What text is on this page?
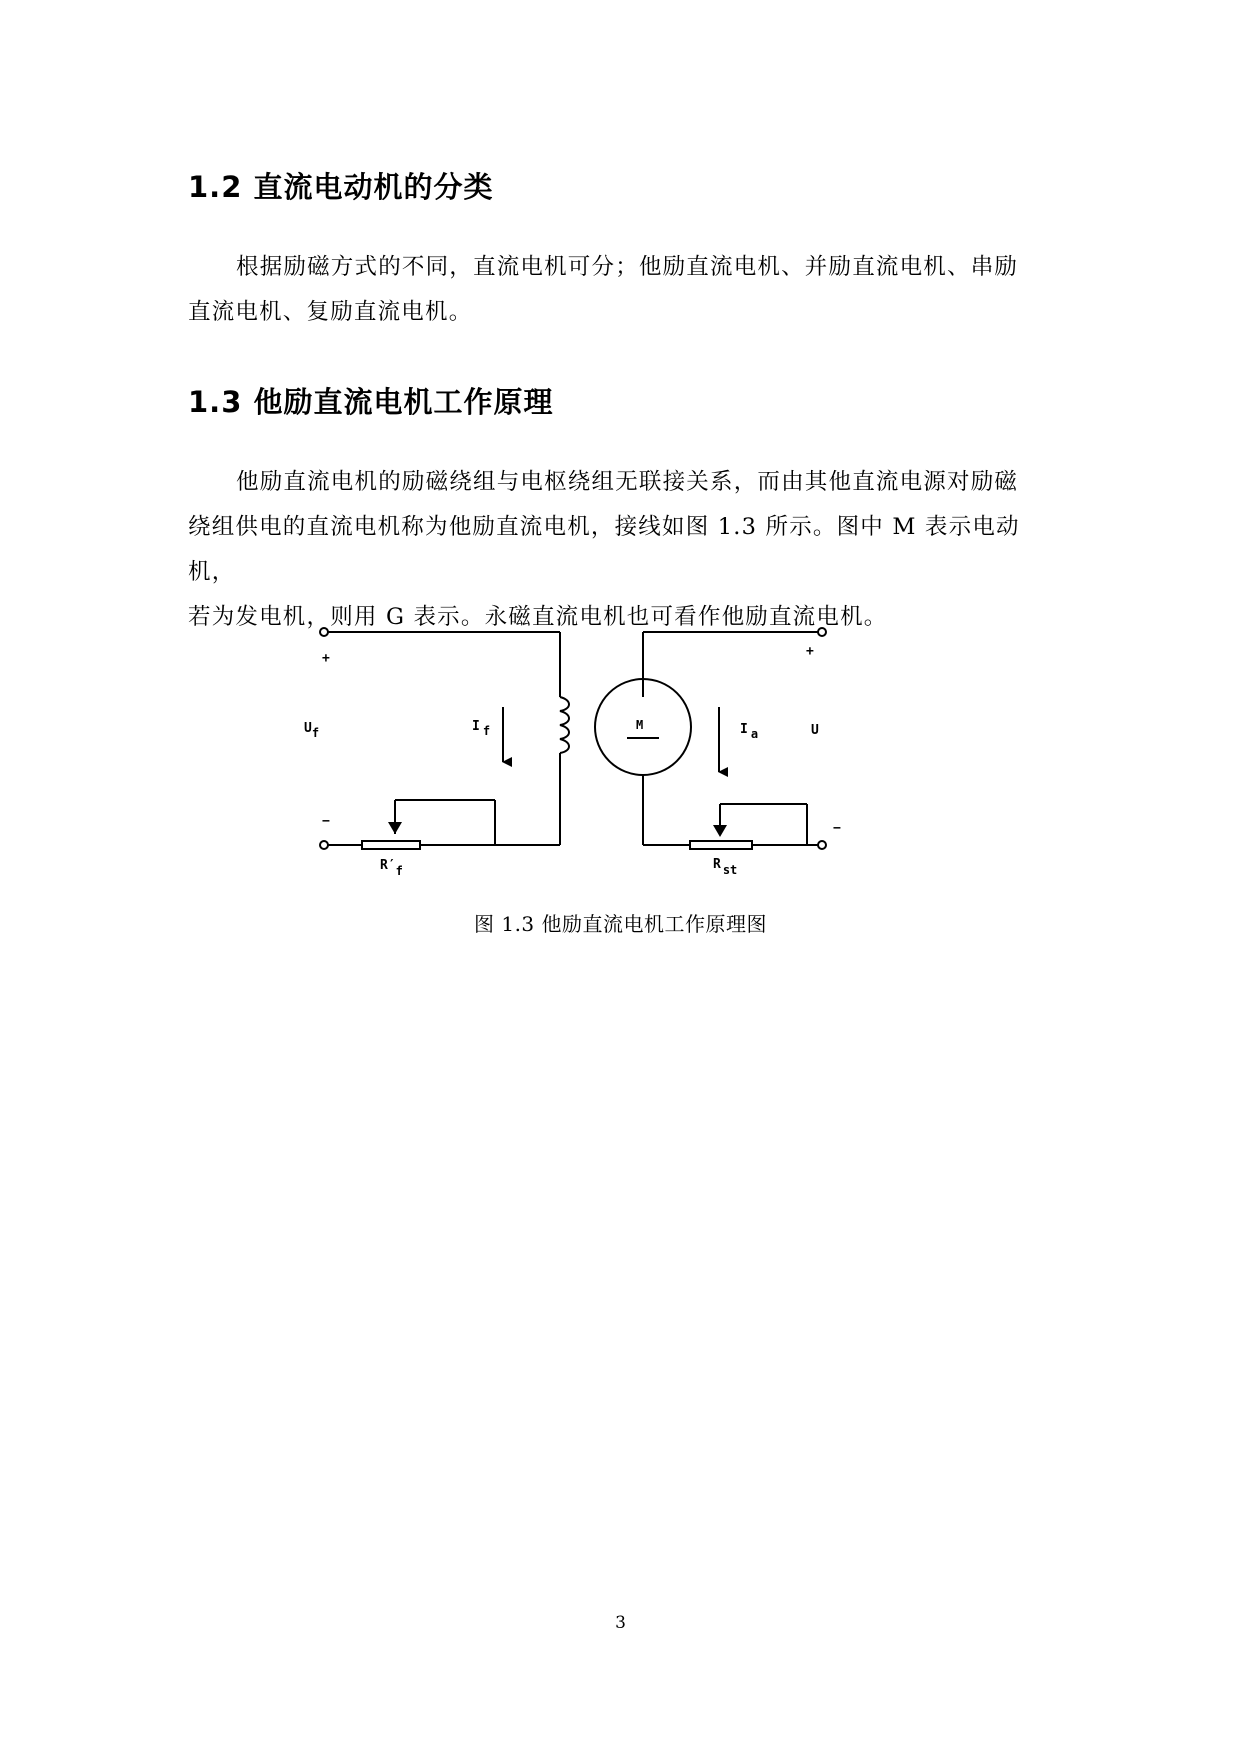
1.2 直流电动机的分类
根据励磁方式的不同，直流电机可分；他励直流电机、并励直流电机、串励
直流电机、复励直流电机。
1.3 他励直流电机工作原理
他励直流电机的励磁绕组与电枢绕组无联接关系，而由其他直流电源对励磁
绕组供电的直流电机称为他励直流电机，接线如图 1.3 所示。图中 M 表示电动机，
若为发电机，则用 G 表示。永磁直流电机也可看作他励直流电机。
+
−
Uf	I f
R′f
M	I a	U
+
−
R st
图 1.3 他励直流电机工作原理图
3
